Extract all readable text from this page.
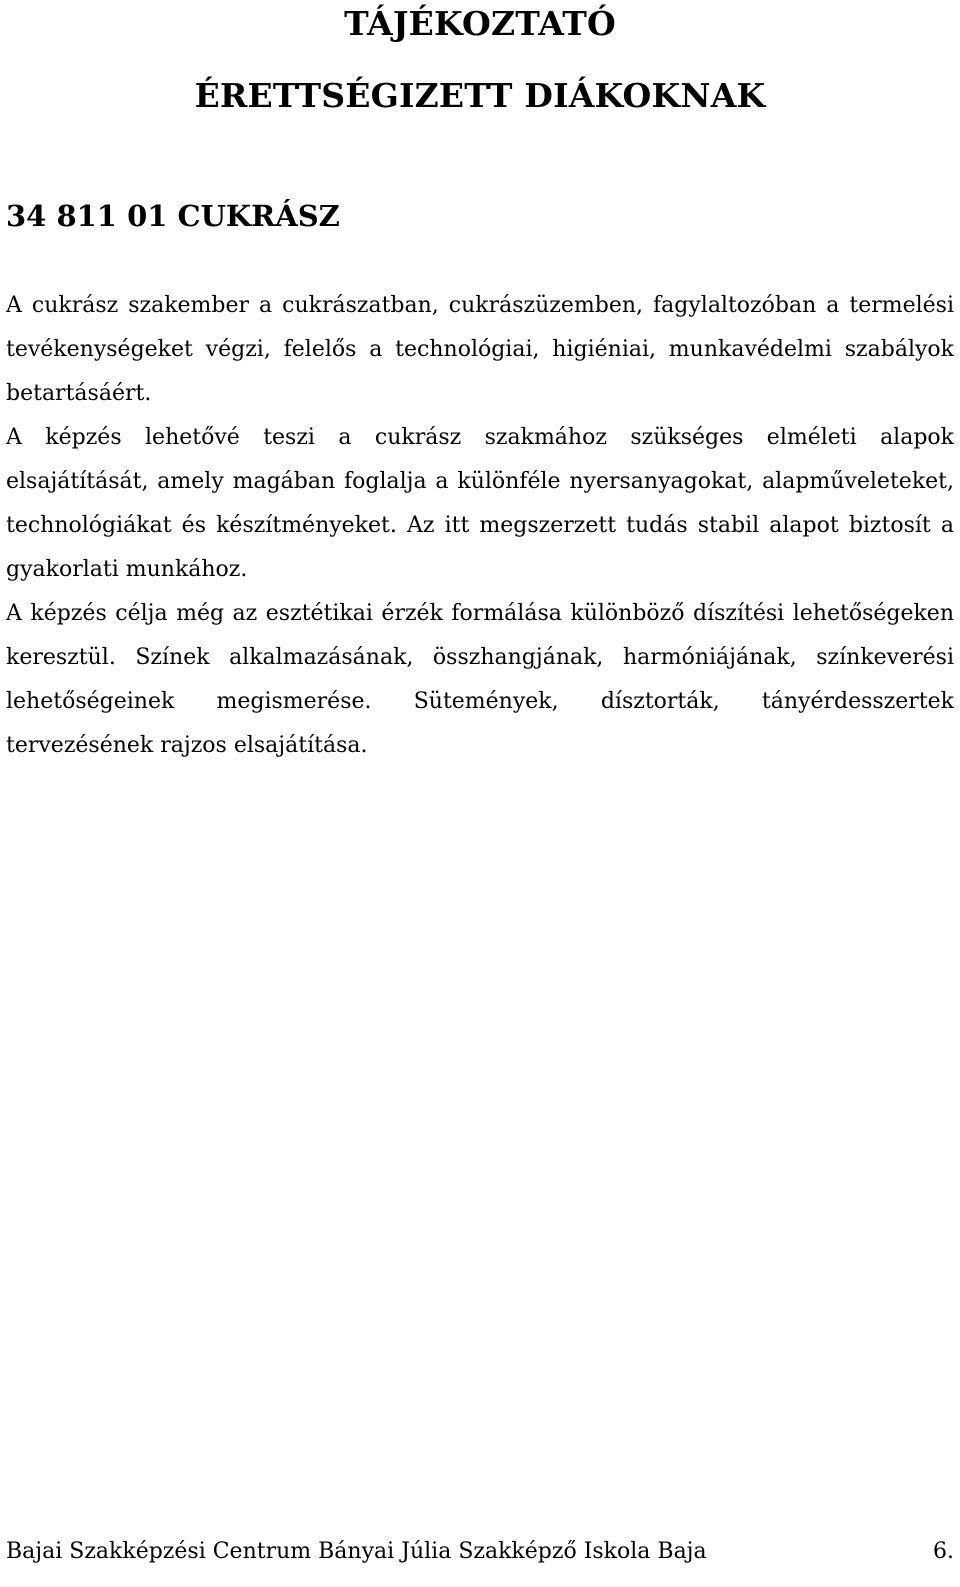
TÁJÉKOZTATÓ
ÉRETTSÉGIZETT DIÁKOKNAK
34 811 01 CUKRÁSZ

A cukrász szakember a cukrászatban, cukrászüzemben, fagylaltozóban a termelési tevékenységeket végzi, felelős a technológiai, higiéniai, munkavédelmi szabályok betartásáért.

A képzés lehetővé teszi a cukrász szakmához szükséges elméleti alapok elsajátítását, amely magában foglalja a különféle nyersanyagokat, alapműveleteket, technológiákat és készítményeket. Az itt megszerzett tudás stabil alapot biztosít a gyakorlati munkához.

A képzés célja még az esztétikai érzék formálása különböző díszítési lehetőségeken keresztül. Színek alkalmazásának, összhangjának, harmóniájának, színkeverési lehetőségeinek megismerése. Sütemények, dísztorták, tányérdesszertek tervezésének rajzos elsajátítása.

Bajai Szakképzési Centrum Bányai Júlia Szakképző Iskola Baja	6.
